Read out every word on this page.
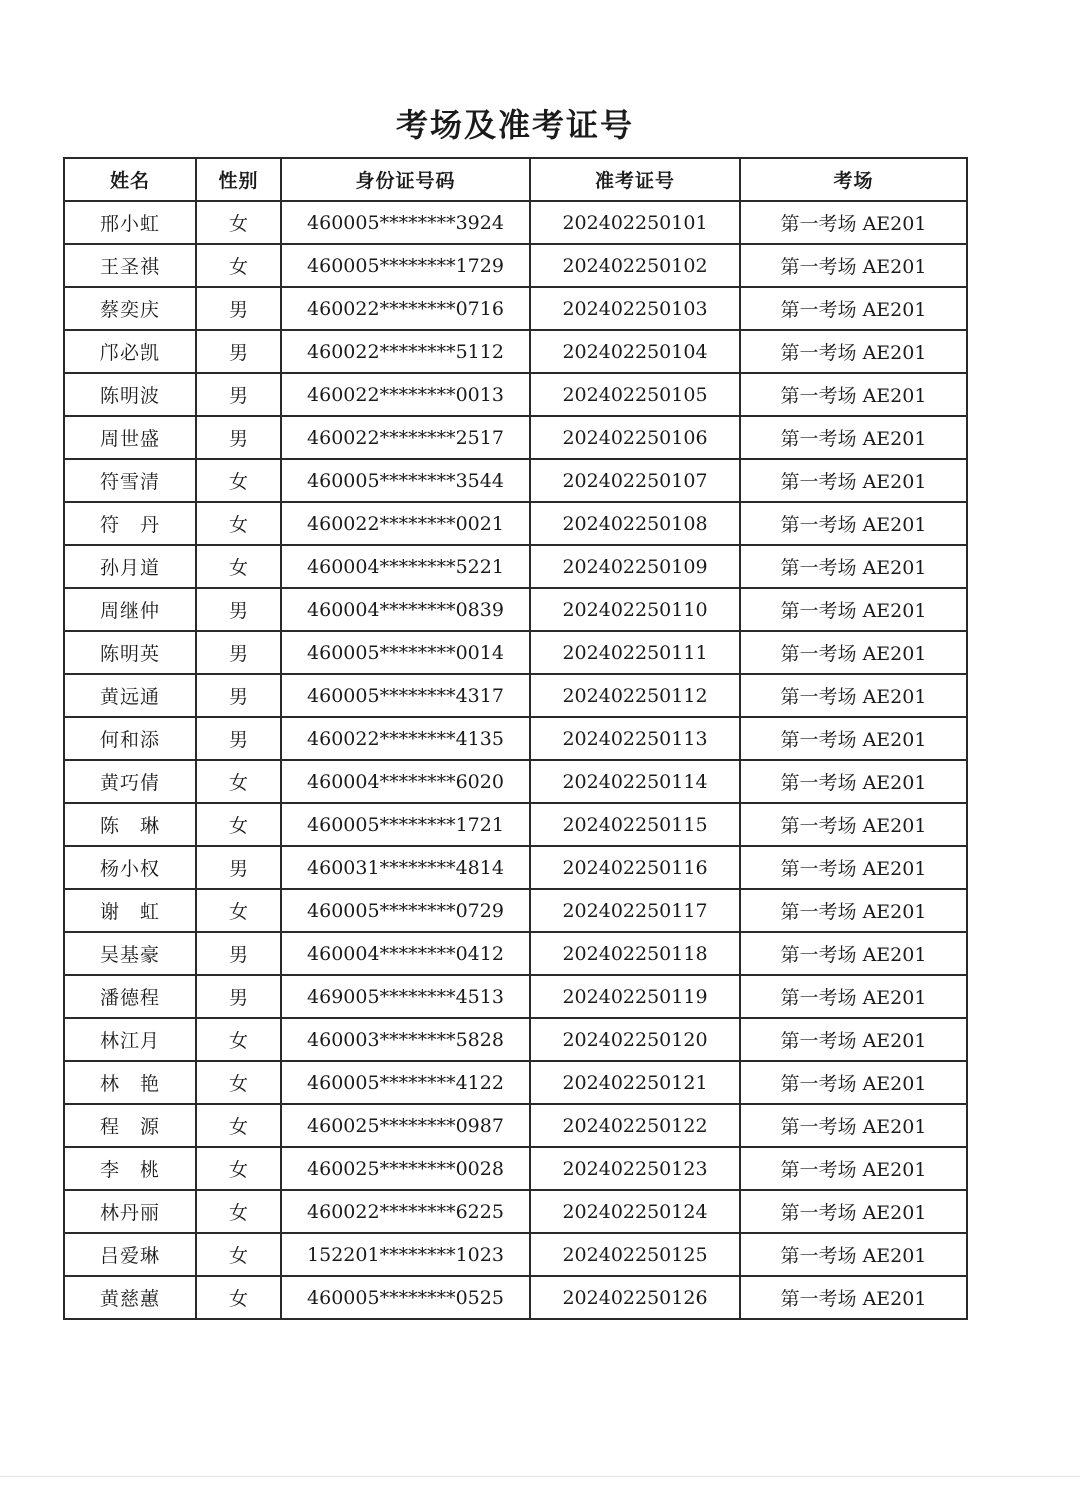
考场及准考证号
姓名	性别	身份证号码	准考证号	考场
邢小虹	女	460005********3924	202402250101	第一考场 AE201
王圣祺	女	460005********1729	202402250102	第一考场 AE201
蔡奕庆	男	460022********0716	202402250103	第一考场 AE201
邝必凯	男	460022********5112	202402250104	第一考场 AE201
陈明波	男	460022********0013	202402250105	第一考场 AE201
周世盛	男	460022********2517	202402250106	第一考场 AE201
符雪清	女	460005********3544	202402250107	第一考场 AE201
符　丹	女	460022********0021	202402250108	第一考场 AE201
孙月道	女	460004********5221	202402250109	第一考场 AE201
周继仲	男	460004********0839	202402250110	第一考场 AE201
陈明英	男	460005********0014	202402250111	第一考场 AE201
黄远通	男	460005********4317	202402250112	第一考场 AE201
何和添	男	460022********4135	202402250113	第一考场 AE201
黄巧倩	女	460004********6020	202402250114	第一考场 AE201
陈　琳	女	460005********1721	202402250115	第一考场 AE201
杨小权	男	460031********4814	202402250116	第一考场 AE201
谢　虹	女	460005********0729	202402250117	第一考场 AE201
吴基豪	男	460004********0412	202402250118	第一考场 AE201
潘德程	男	469005********4513	202402250119	第一考场 AE201
林江月	女	460003********5828	202402250120	第一考场 AE201
林　艳	女	460005********4122	202402250121	第一考场 AE201
程　源	女	460025********0987	202402250122	第一考场 AE201
李　桃	女	460025********0028	202402250123	第一考场 AE201
林丹丽	女	460022********6225	202402250124	第一考场 AE201
吕爱琳	女	152201********1023	202402250125	第一考场 AE201
黄慈蕙	女	460005********0525	202402250126	第一考场 AE201
